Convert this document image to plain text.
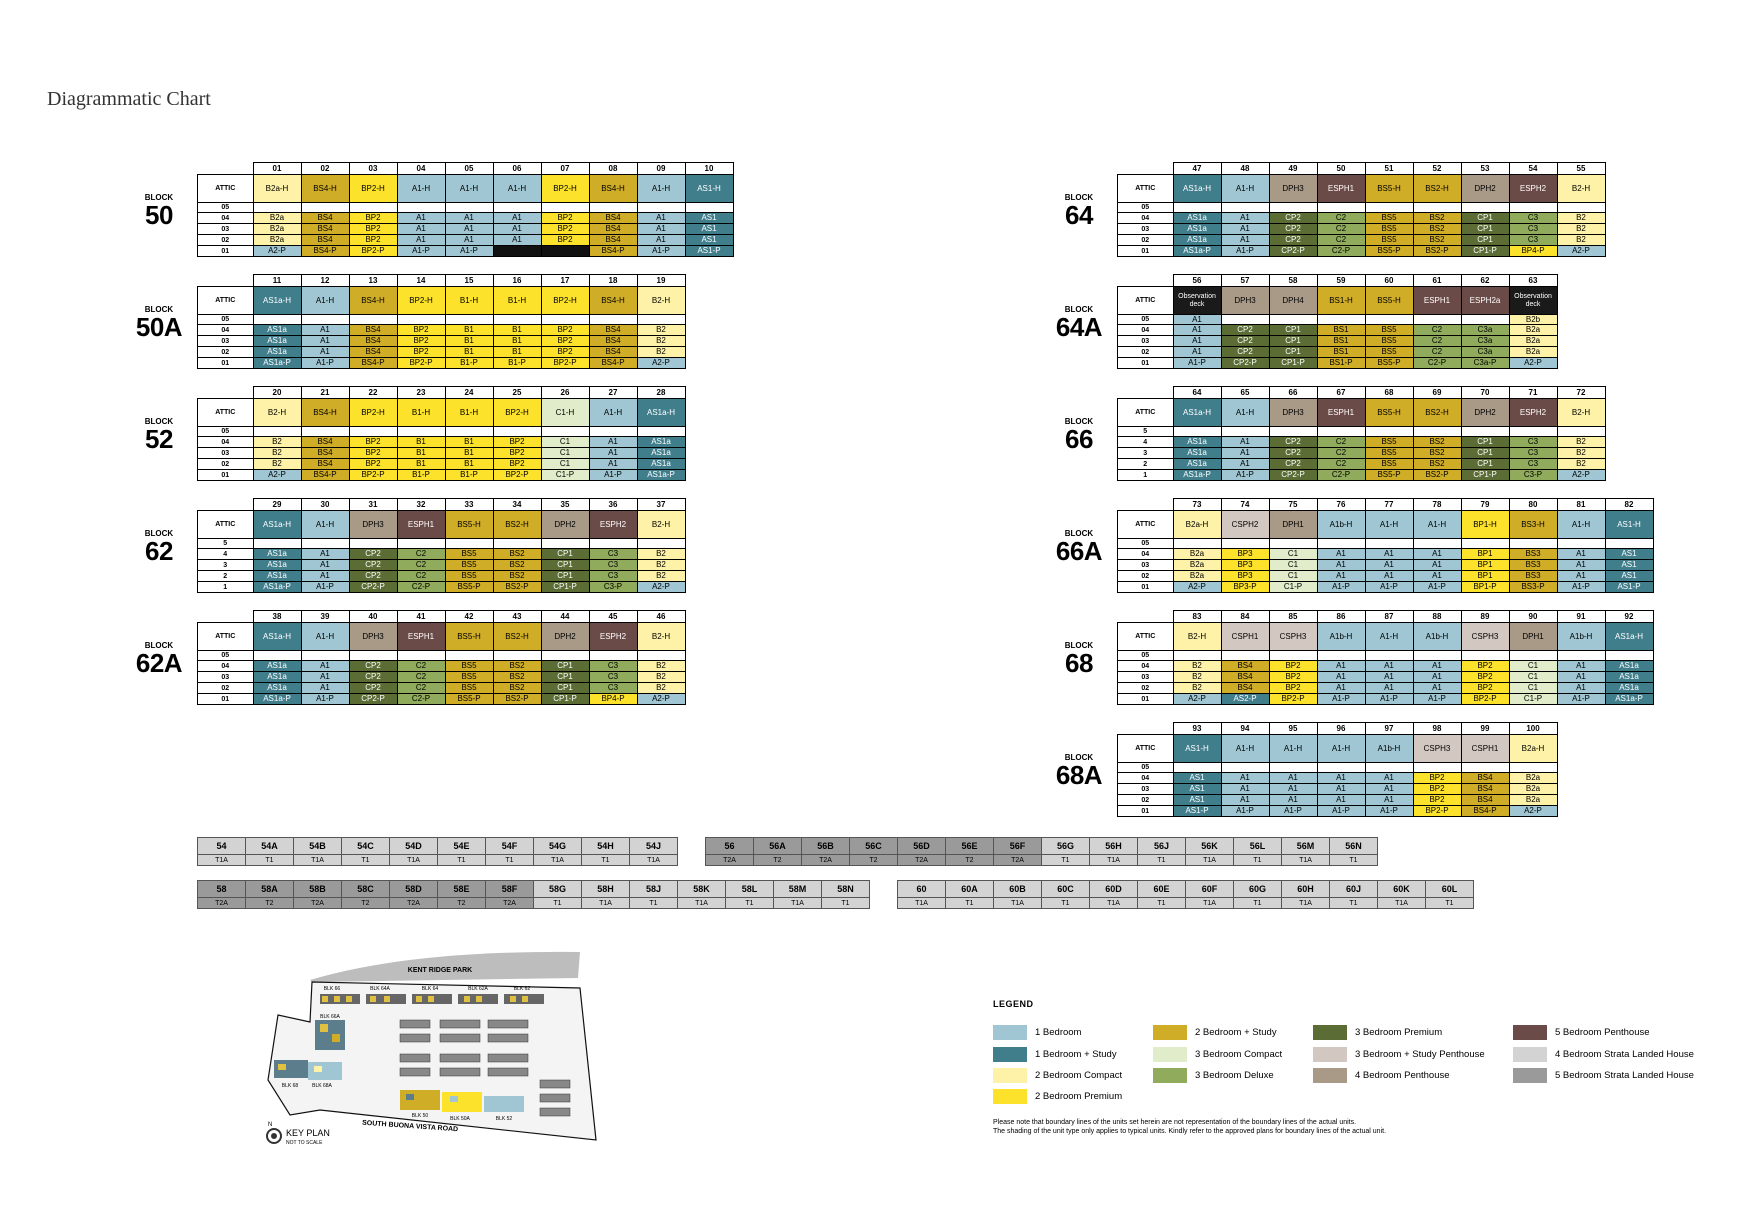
Diagrammatic Chart
BLOCK
50
	01	02	03	04	05	06	07	08	09	10
ATTIC	B2a-H	BS4-H	BP2-H	A1-H	A1-H	A1-H	BP2-H	BS4-H	A1-H	AS1-H
05										
04	B2a	BS4	BP2	A1	A1	A1	BP2	BS4	A1	AS1
03	B2a	BS4	BP2	A1	A1	A1	BP2	BS4	A1	AS1
02	B2a	BS4	BP2	A1	A1	A1	BP2	BS4	A1	AS1
01	A2-P	BS4-P	BP2-P	A1-P	A1-P			BS4-P	A1-P	AS1-P
BLOCK
50A
	11	12	13	14	15	16	17	18	19
ATTIC	AS1a-H	A1-H	BS4-H	BP2-H	B1-H	B1-H	BP2-H	BS4-H	B2-H
05									
04	AS1a	A1	BS4	BP2	B1	B1	BP2	BS4	B2
03	AS1a	A1	BS4	BP2	B1	B1	BP2	BS4	B2
02	AS1a	A1	BS4	BP2	B1	B1	BP2	BS4	B2
01	AS1a-P	A1-P	BS4-P	BP2-P	B1-P	B1-P	BP2-P	BS4-P	A2-P
BLOCK
52
	20	21	22	23	24	25	26	27	28
ATTIC	B2-H	BS4-H	BP2-H	B1-H	B1-H	BP2-H	C1-H	A1-H	AS1a-H
05									
04	B2	BS4	BP2	B1	B1	BP2	C1	A1	AS1a
03	B2	BS4	BP2	B1	B1	BP2	C1	A1	AS1a
02	B2	BS4	BP2	B1	B1	BP2	C1	A1	AS1a
01	A2-P	BS4-P	BP2-P	B1-P	B1-P	BP2-P	C1-P	A1-P	AS1a-P
BLOCK
62
	29	30	31	32	33	34	35	36	37
ATTIC	AS1a-H	A1-H	DPH3	ESPH1	BS5-H	BS2-H	DPH2	ESPH2	B2-H
5									
4	AS1a	A1	CP2	C2	BS5	BS2	CP1	C3	B2
3	AS1a	A1	CP2	C2	BS5	BS2	CP1	C3	B2
2	AS1a	A1	CP2	C2	BS5	BS2	CP1	C3	B2
1	AS1a-P	A1-P	CP2-P	C2-P	BS5-P	BS2-P	CP1-P	C3-P	A2-P
BLOCK
62A
	38	39	40	41	42	43	44	45	46
ATTIC	AS1a-H	A1-H	DPH3	ESPH1	BS5-H	BS2-H	DPH2	ESPH2	B2-H
05									
04	AS1a	A1	CP2	C2	BS5	BS2	CP1	C3	B2
03	AS1a	A1	CP2	C2	BS5	BS2	CP1	C3	B2
02	AS1a	A1	CP2	C2	BS5	BS2	CP1	C3	B2
01	AS1a-P	A1-P	CP2-P	C2-P	BS5-P	BS2-P	CP1-P	BP4-P	A2-P
BLOCK
64
	47	48	49	50	51	52	53	54	55
ATTIC	AS1a-H	A1-H	DPH3	ESPH1	BS5-H	BS2-H	DPH2	ESPH2	B2-H
05									
04	AS1a	A1	CP2	C2	BS5	BS2	CP1	C3	B2
03	AS1a	A1	CP2	C2	BS5	BS2	CP1	C3	B2
02	AS1a	A1	CP2	C2	BS5	BS2	CP1	C3	B2
01	AS1a-P	A1-P	CP2-P	C2-P	BS5-P	BS2-P	CP1-P	BP4-P	A2-P
BLOCK
64A
	56	57	58	59	60	61	62	63
ATTIC	Observation deck	DPH3	DPH4	BS1-H	BS5-H	ESPH1	ESPH2a	Observation deck
05	A1							B2b
04	A1	CP2	CP1	BS1	BS5	C2	C3a	B2a
03	A1	CP2	CP1	BS1	BS5	C2	C3a	B2a
02	A1	CP2	CP1	BS1	BS5	C2	C3a	B2a
01	A1-P	CP2-P	CP1-P	BS1-P	BS5-P	C2-P	C3a-P	A2-P
BLOCK
66
	64	65	66	67	68	69	70	71	72
ATTIC	AS1a-H	A1-H	DPH3	ESPH1	BS5-H	BS2-H	DPH2	ESPH2	B2-H
5									
4	AS1a	A1	CP2	C2	BS5	BS2	CP1	C3	B2
3	AS1a	A1	CP2	C2	BS5	BS2	CP1	C3	B2
2	AS1a	A1	CP2	C2	BS5	BS2	CP1	C3	B2
1	AS1a-P	A1-P	CP2-P	C2-P	BS5-P	BS2-P	CP1-P	C3-P	A2-P
BLOCK
66A
	73	74	75	76	77	78	79	80	81	82
ATTIC	B2a-H	CSPH2	DPH1	A1b-H	A1-H	A1-H	BP1-H	BS3-H	A1-H	AS1-H
05										
04	B2a	BP3	C1	A1	A1	A1	BP1	BS3	A1	AS1
03	B2a	BP3	C1	A1	A1	A1	BP1	BS3	A1	AS1
02	B2a	BP3	C1	A1	A1	A1	BP1	BS3	A1	AS1
01	A2-P	BP3-P	C1-P	A1-P	A1-P	A1-P	BP1-P	BS3-P	A1-P	AS1-P
BLOCK
68
	83	84	85	86	87	88	89	90	91	92
ATTIC	B2-H	CSPH1	CSPH3	A1b-H	A1-H	A1b-H	CSPH3	DPH1	A1b-H	AS1a-H
05										
04	B2	BS4	BP2	A1	A1	A1	BP2	C1	A1	AS1a
03	B2	BS4	BP2	A1	A1	A1	BP2	C1	A1	AS1a
02	B2	BS4	BP2	A1	A1	A1	BP2	C1	A1	AS1a
01	A2-P	AS2-P	BP2-P	A1-P	A1-P	A1-P	BP2-P	C1-P	A1-P	AS1a-P
BLOCK
68A
	93	94	95	96	97	98	99	100
ATTIC	AS1-H	A1-H	A1-H	A1-H	A1b-H	CSPH3	CSPH1	B2a-H
05								
04	AS1	A1	A1	A1	A1	BP2	BS4	B2a
03	AS1	A1	A1	A1	A1	BP2	BS4	B2a
02	AS1	A1	A1	A1	A1	BP2	BS4	B2a
01	AS1-P	A1-P	A1-P	A1-P	A1-P	BP2-P	BS4-P	A2-P
54	54A	54B	54C	54D	54E	54F	54G	54H	54J		56	56A	56B	56C	56D	56E	56F	56G	56H	56J	56K	56L	56M	56N
T1A	T1	T1A	T1	T1A	T1	T1	T1A	T1	T1A		T2A	T2	T2A	T2	T2A	T2	T2A	T1	T1A	T1	T1A	T1	T1A	T1
58	58A	58B	58C	58D	58E	58F	58G	58H	58J	58K	58L	58M	58N		60	60A	60B	60C	60D	60E	60F	60G	60H	60J	60K	60L
T2A	T2	T2A	T2	T2A	T2	T2A	T1	T1A	T1	T1A	T1	T1A	T1		T1A	T1	T1A	T1	T1A	T1	T1A	T1	T1A	T1	T1A	T1
KENT RIDGE PARK
BLK 66	BLK 64A	BLK 64	BLK 62A	BLK 62
BLK 66A
BLK 68	BLK 68A
BLK 50	BLK 50A	BLK 52
SOUTH BUONA VISTA ROAD
N
KEY PLAN
NOT TO SCALE
LEGEND
1 Bedroom
1 Bedroom + Study
2 Bedroom Compact
2 Bedroom Premium
2 Bedroom + Study
3 Bedroom Compact
3 Bedroom Deluxe
3 Bedroom Premium
3 Bedroom + Study Penthouse
4 Bedroom Penthouse
5 Bedroom Penthouse
4 Bedroom Strata Landed House
5 Bedroom Strata Landed House
Please note that boundary lines of the units set herein are not representation of the boundary lines of the actual units.
The shading of the unit type only applies to typical units. Kindly refer to the approved plans for boundary lines of the actual unit.
